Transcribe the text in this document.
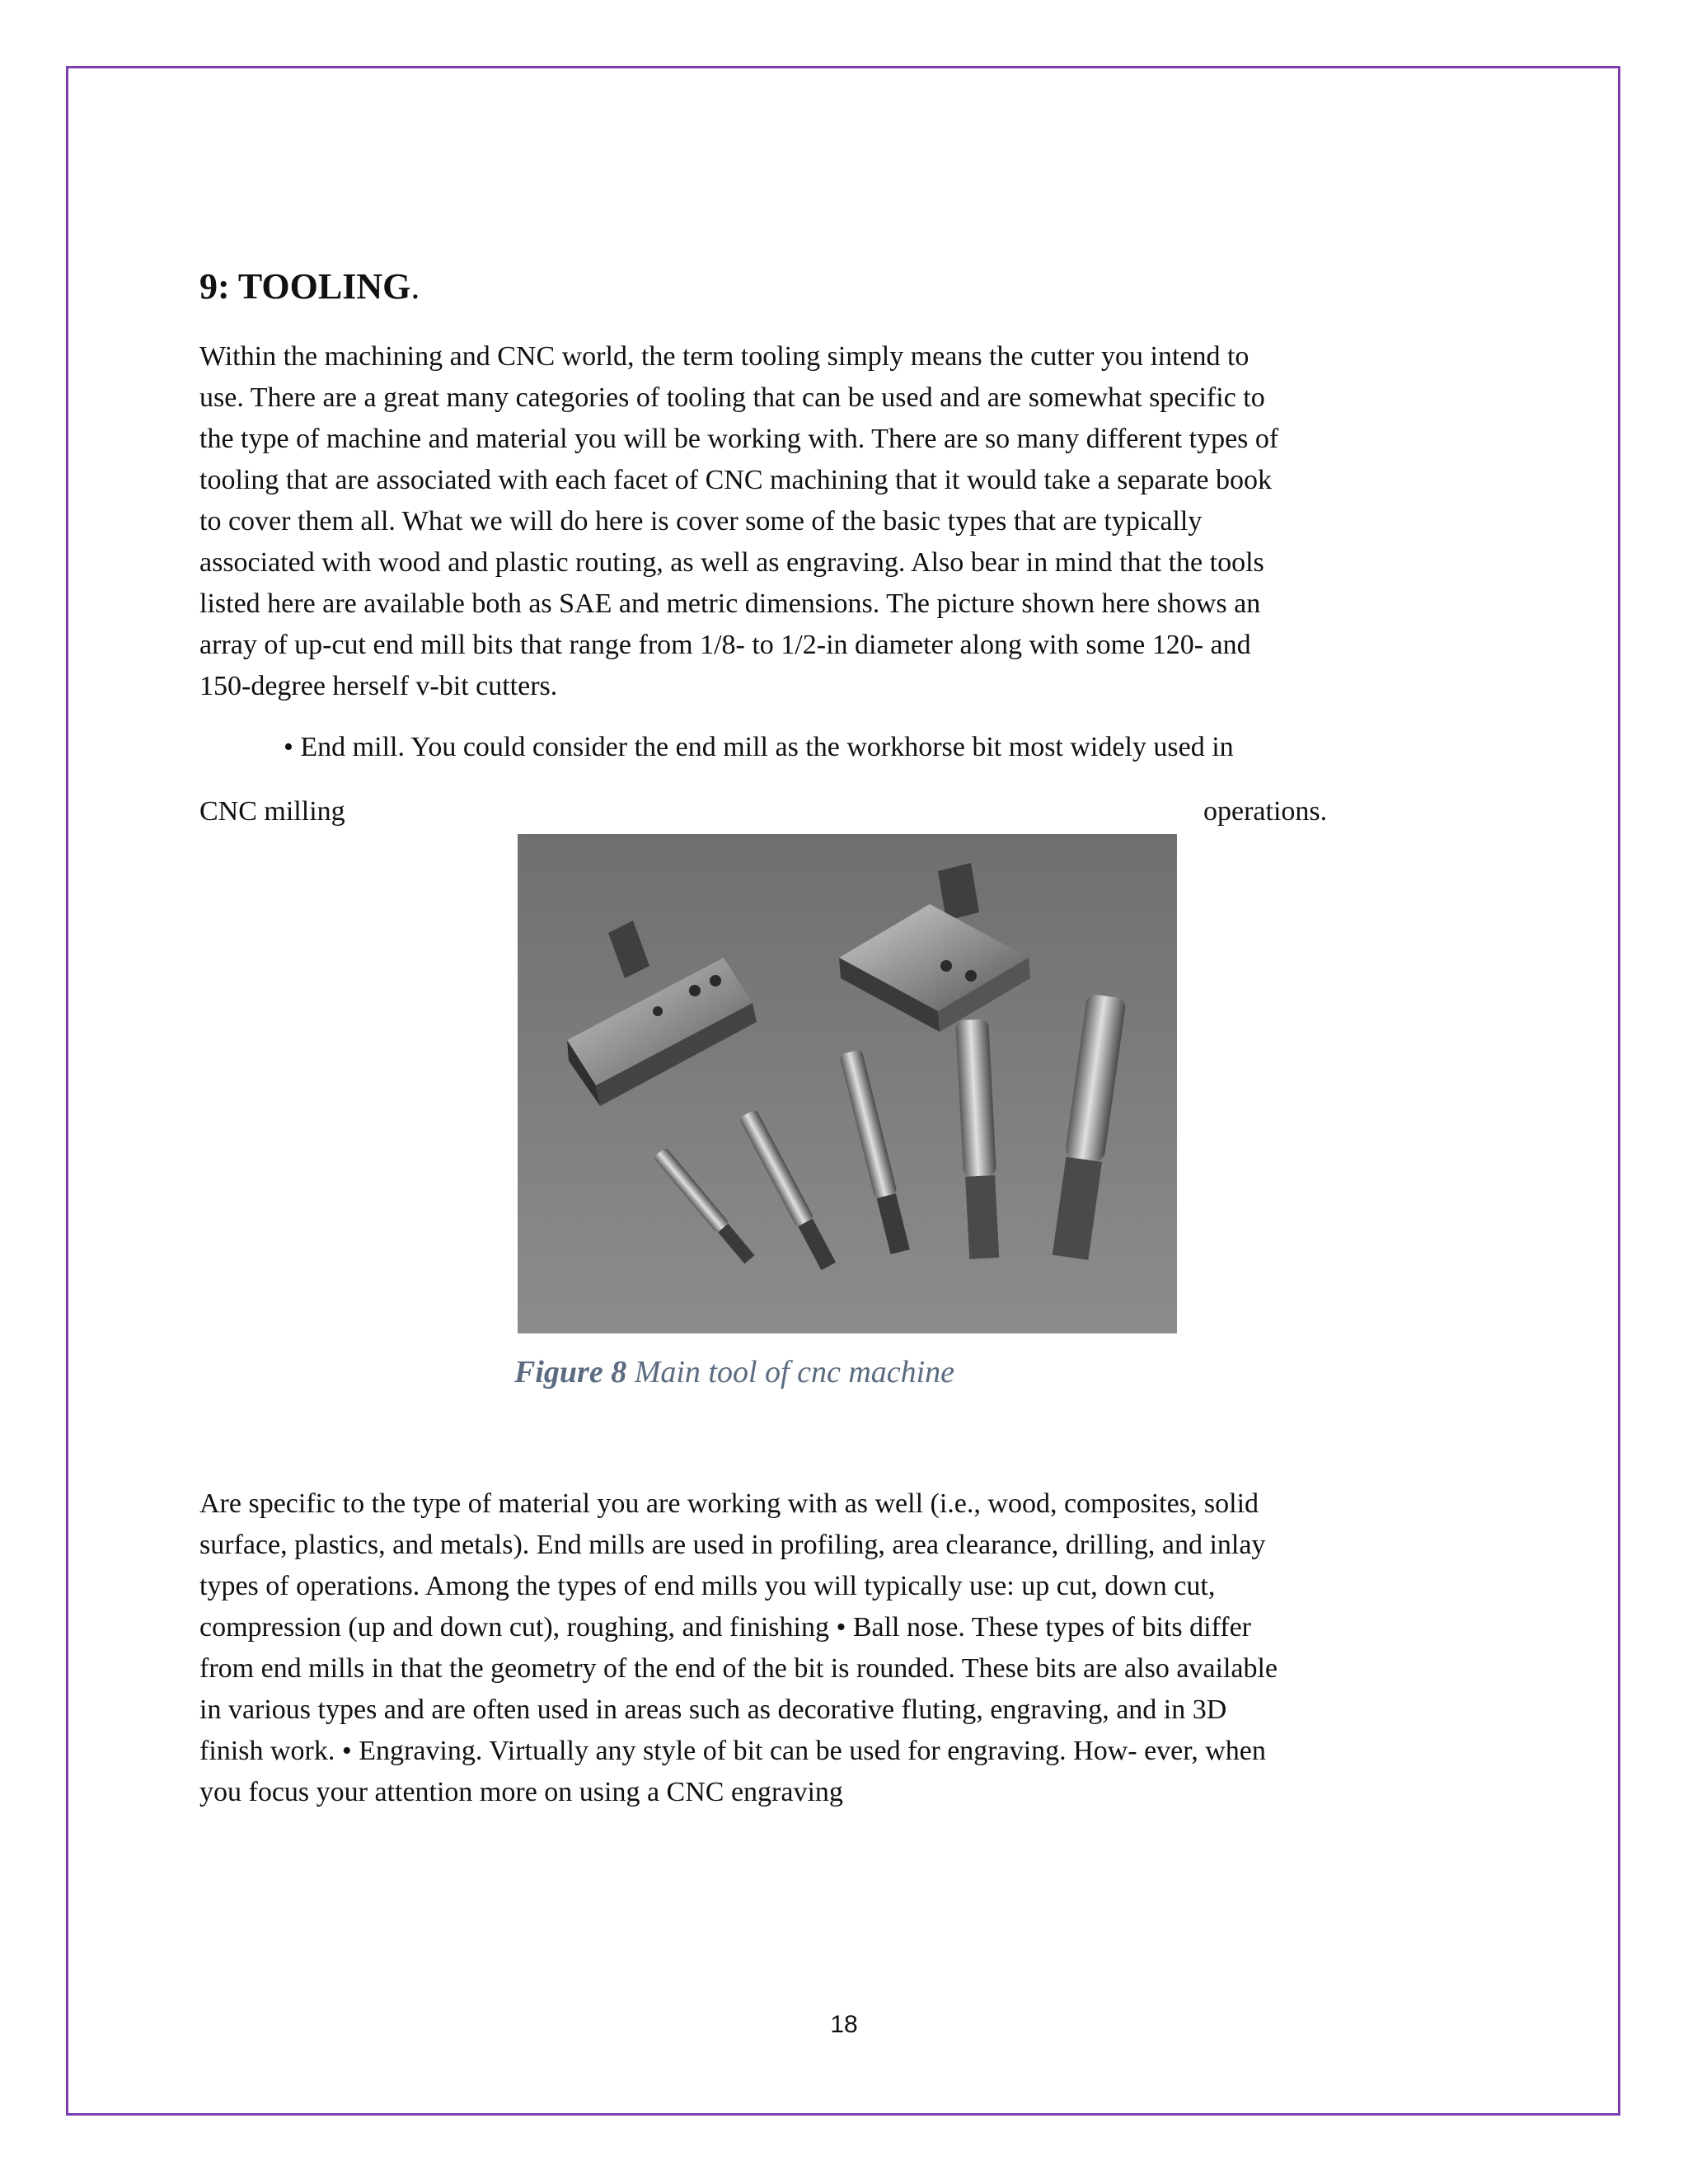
9: TOOLING.

Within the machining and CNC world, the term tooling simply means the cutter you intend to
use. There are a great many categories of tooling that can be used and are somewhat specific to
the type of machine and material you will be working with. There are so many different types of
tooling that are associated with each facet of CNC machining that it would take a separate book
to cover them all. What we will do here is cover some of the basic types that are typically
associated with wood and plastic routing, as well as engraving. Also bear in mind that the tools
listed here are available both as SAE and metric dimensions. The picture shown here shows an
array of up-cut end mill bits that range from 1/8- to 1/2-in diameter along with some 120- and
150-degree herself v-bit cutters.

• End mill. You could consider the end mill as the workhorse bit most widely used in

CNC milling	operations.
Figure 8 Main tool of cnc machine

Are specific to the type of material you are working with as well (i.e., wood, composites, solid
surface, plastics, and metals). End mills are used in profiling, area clearance, drilling, and inlay
types of operations. Among the types of end mills you will typically use: up cut, down cut,
compression (up and down cut), roughing, and finishing • Ball nose. These types of bits differ
from end mills in that the geometry of the end of the bit is rounded. These bits are also available
in various types and are often used in areas such as decorative fluting, engraving, and in 3D
finish work. • Engraving. Virtually any style of bit can be used for engraving. How- ever, when
you focus your attention more on using a CNC engraving

18
